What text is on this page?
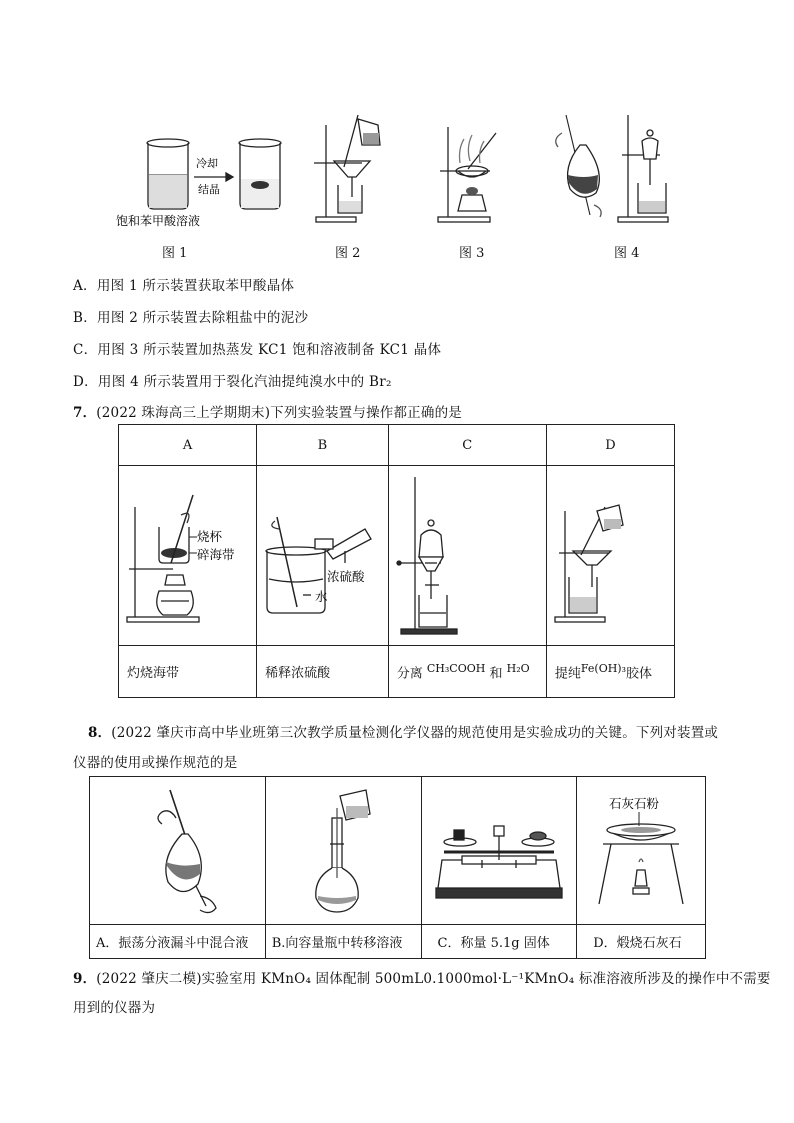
冷却
结晶
饱和苯甲酸溶液
图 1	图 2	图 3	图 4
A．用图 1 所示装置获取苯甲酸晶体
B．用图 2 所示装置去除粗盐中的泥沙
C．用图 3 所示装置加热蒸发 KC1 饱和溶液制备 KC1 晶体
D．用图 4 所示装置用于裂化汽油提纯溴水中的 Br₂
7．(2022 珠海高三上学期期末)下列实验装置与操作都正确的是
A	B	C	D

烧杯
碎海带	浓硫酸
水

灼烧海带	稀释浓硫酸	分离 $^{CH_3COOH}$ 和 $^{H_2O}$	提纯$^{Fe(OH)_3}$胶体
8．(2022 肇庆市高中毕业班第三次教学质量检测化学仪器的规范使用是实验成功的关键。下列对装置或
仪器的使用或操作规范的是

石灰石粉

A．振荡分液漏斗中混合液	B.向容量瓶中转移溶液	C．称量 5.1g 固体	D．煅烧石灰石
9．(2022 肇庆二模)实验室用 KMnO₄ 固体配制 500mL0.1000mol·L⁻¹KMnO₄ 标准溶液所涉及的操作中不需要
用到的仪器为
